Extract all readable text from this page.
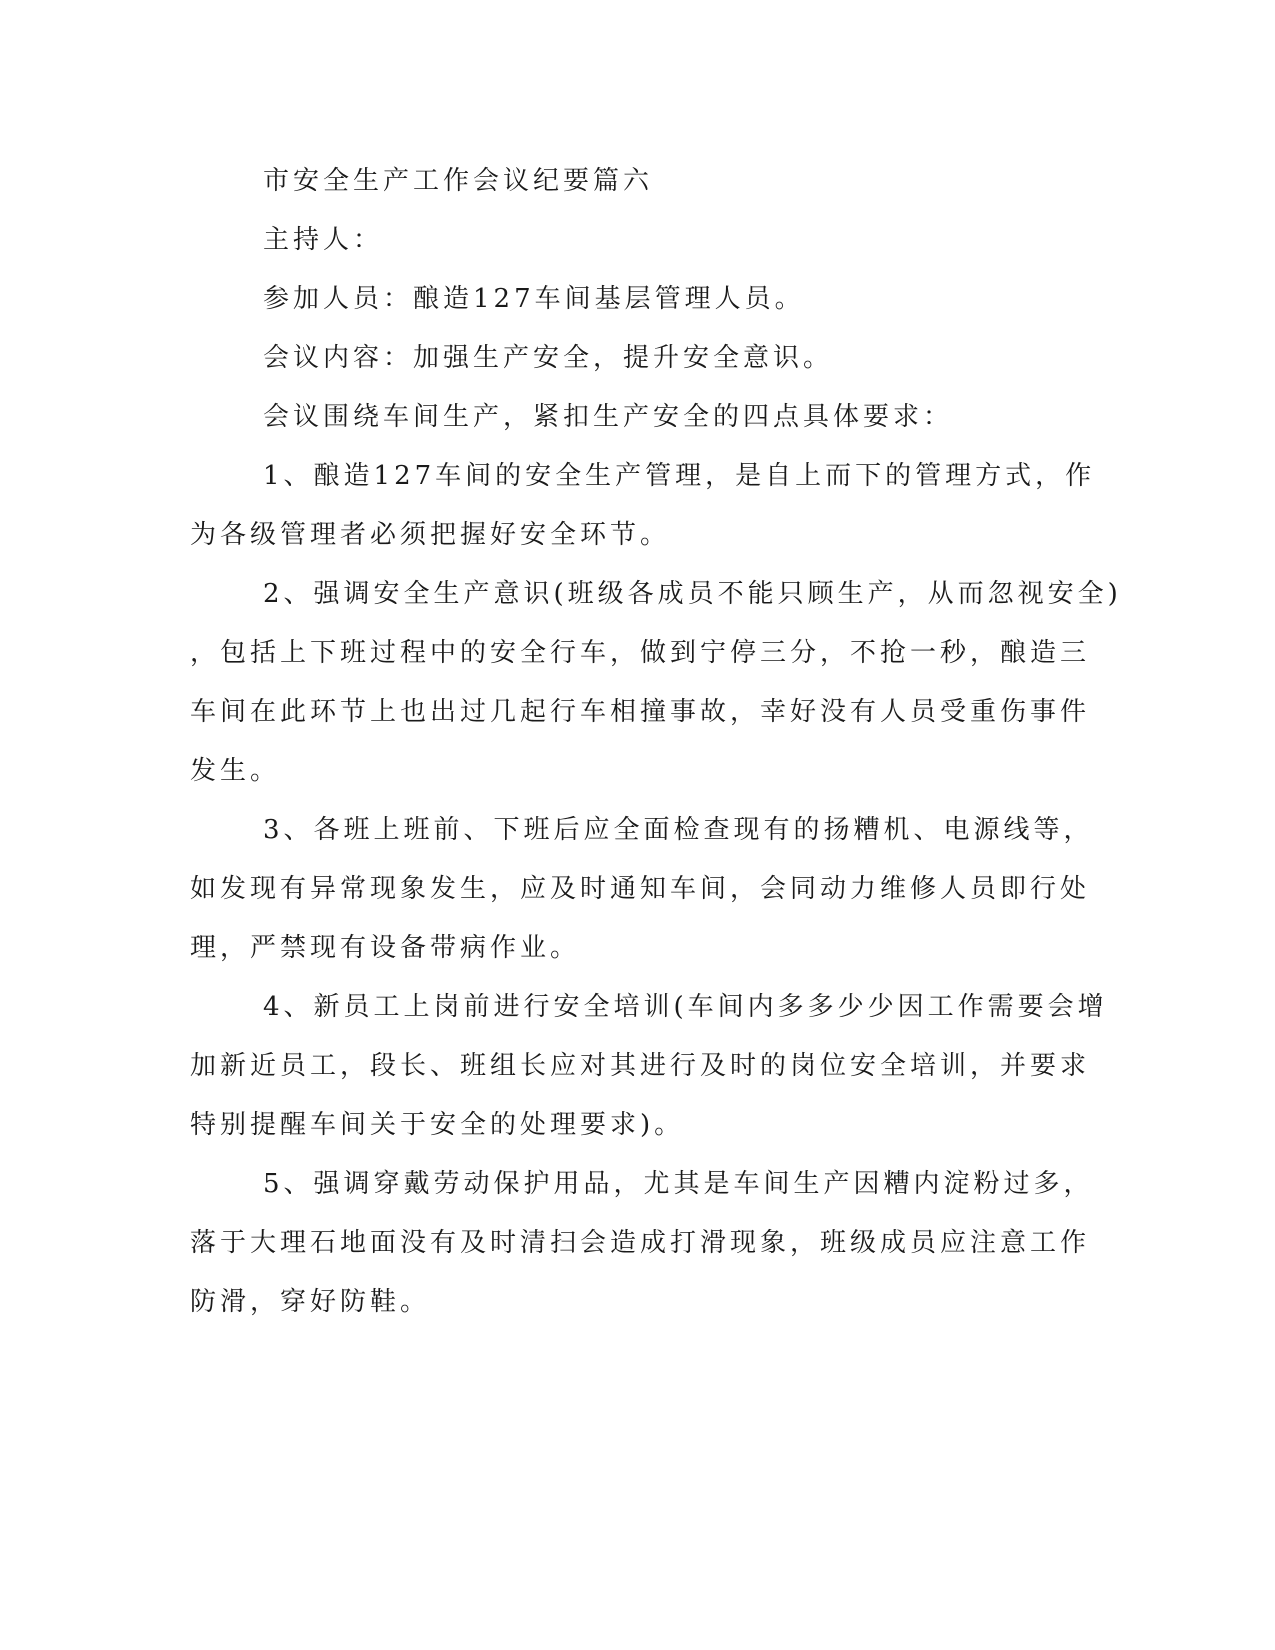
市安全生产工作会议纪要篇六
主持人：
参加人员：酿造127车间基层管理人员。
会议内容：加强生产安全，提升安全意识。
会议围绕车间生产，紧扣生产安全的四点具体要求：
1、酿造127车间的安全生产管理，是自上而下的管理方式，作
为各级管理者必须把握好安全环节。
2、强调安全生产意识(班级各成员不能只顾生产，从而忽视安全)
，包括上下班过程中的安全行车，做到宁停三分，不抢一秒，酿造三
车间在此环节上也出过几起行车相撞事故，幸好没有人员受重伤事件
发生。
3、各班上班前、下班后应全面检查现有的扬糟机、电源线等，
如发现有异常现象发生，应及时通知车间，会同动力维修人员即行处
理，严禁现有设备带病作业。
4、新员工上岗前进行安全培训(车间内多多少少因工作需要会增
加新近员工，段长、班组长应对其进行及时的岗位安全培训，并要求
特别提醒车间关于安全的处理要求)。
5、强调穿戴劳动保护用品，尤其是车间生产因糟内淀粉过多，
落于大理石地面没有及时清扫会造成打滑现象，班级成员应注意工作
防滑，穿好防鞋。
